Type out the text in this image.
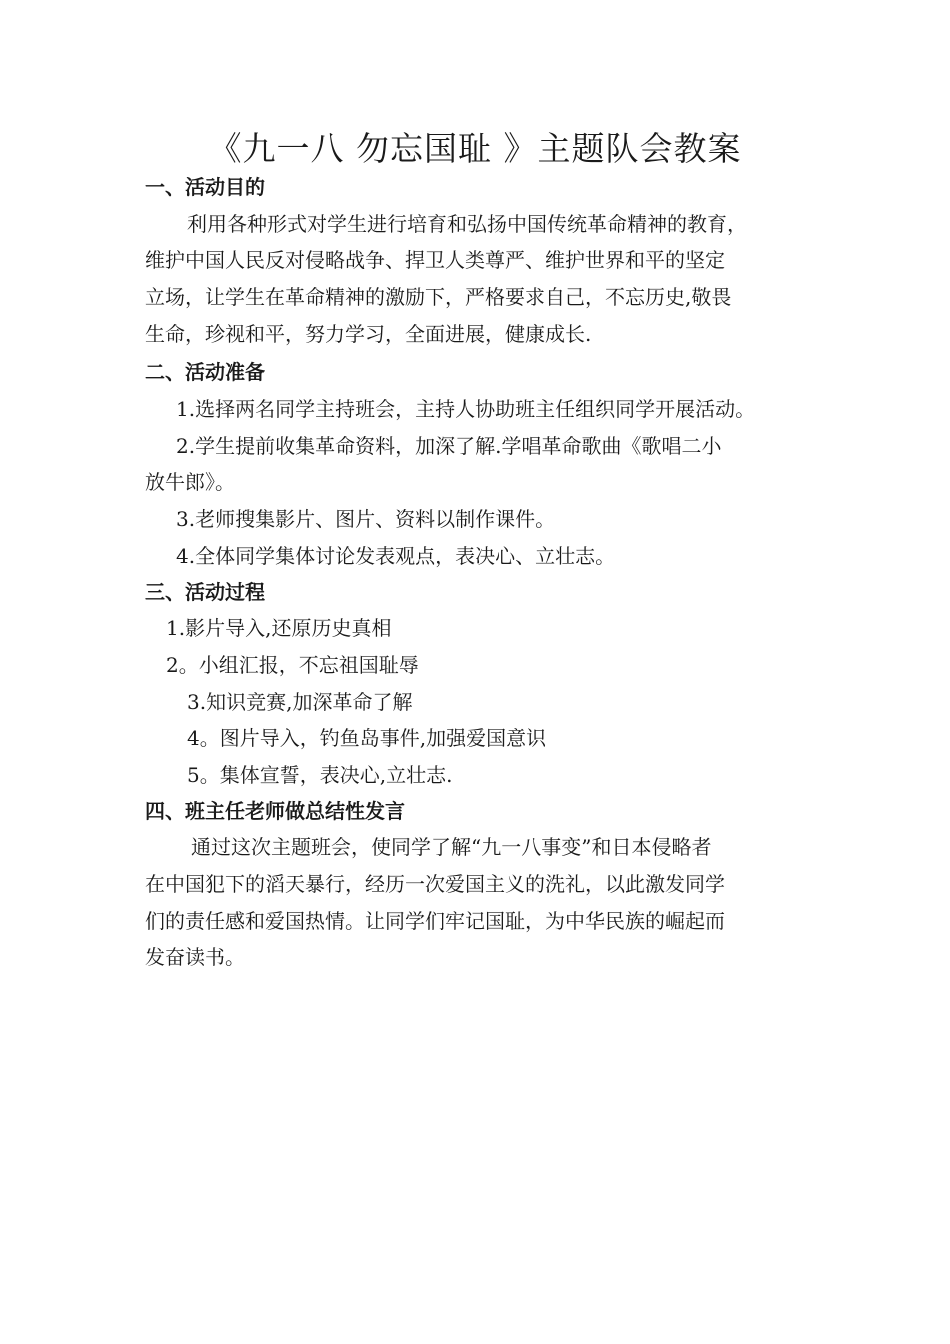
《九一八 勿忘国耻 》主题队会教案
一、活动目的
利用各种形式对学生进行培育和弘扬中国传统革命精神的教育，
维护中国人民反对侵略战争、捍卫人类尊严、维护世界和平的坚定
立场，让学生在革命精神的激励下，严格要求自己，不忘历史,敬畏
生命，珍视和平，努力学习，全面进展，健康成长.
二、活动准备
1.选择两名同学主持班会，主持人协助班主任组织同学开展活动。
2.学生提前收集革命资料，加深了解.学唱革命歌曲《歌唱二小
放牛郎》。
3.老师搜集影片、图片、资料以制作课件。
4.全体同学集体讨论发表观点，表决心、立壮志。
三、活动过程
1.影片导入,还原历史真相
2。小组汇报，不忘祖国耻辱
3.知识竞赛,加深革命了解
4。图片导入，钓鱼岛事件,加强爱国意识
5。集体宣誓，表决心,立壮志.
四、班主任老师做总结性发言
通过这次主题班会，使同学了解“九一八事变”和日本侵略者
在中国犯下的滔天暴行，经历一次爱国主义的洗礼，以此激发同学
们的责任感和爱国热情。让同学们牢记国耻，为中华民族的崛起而
发奋读书。
